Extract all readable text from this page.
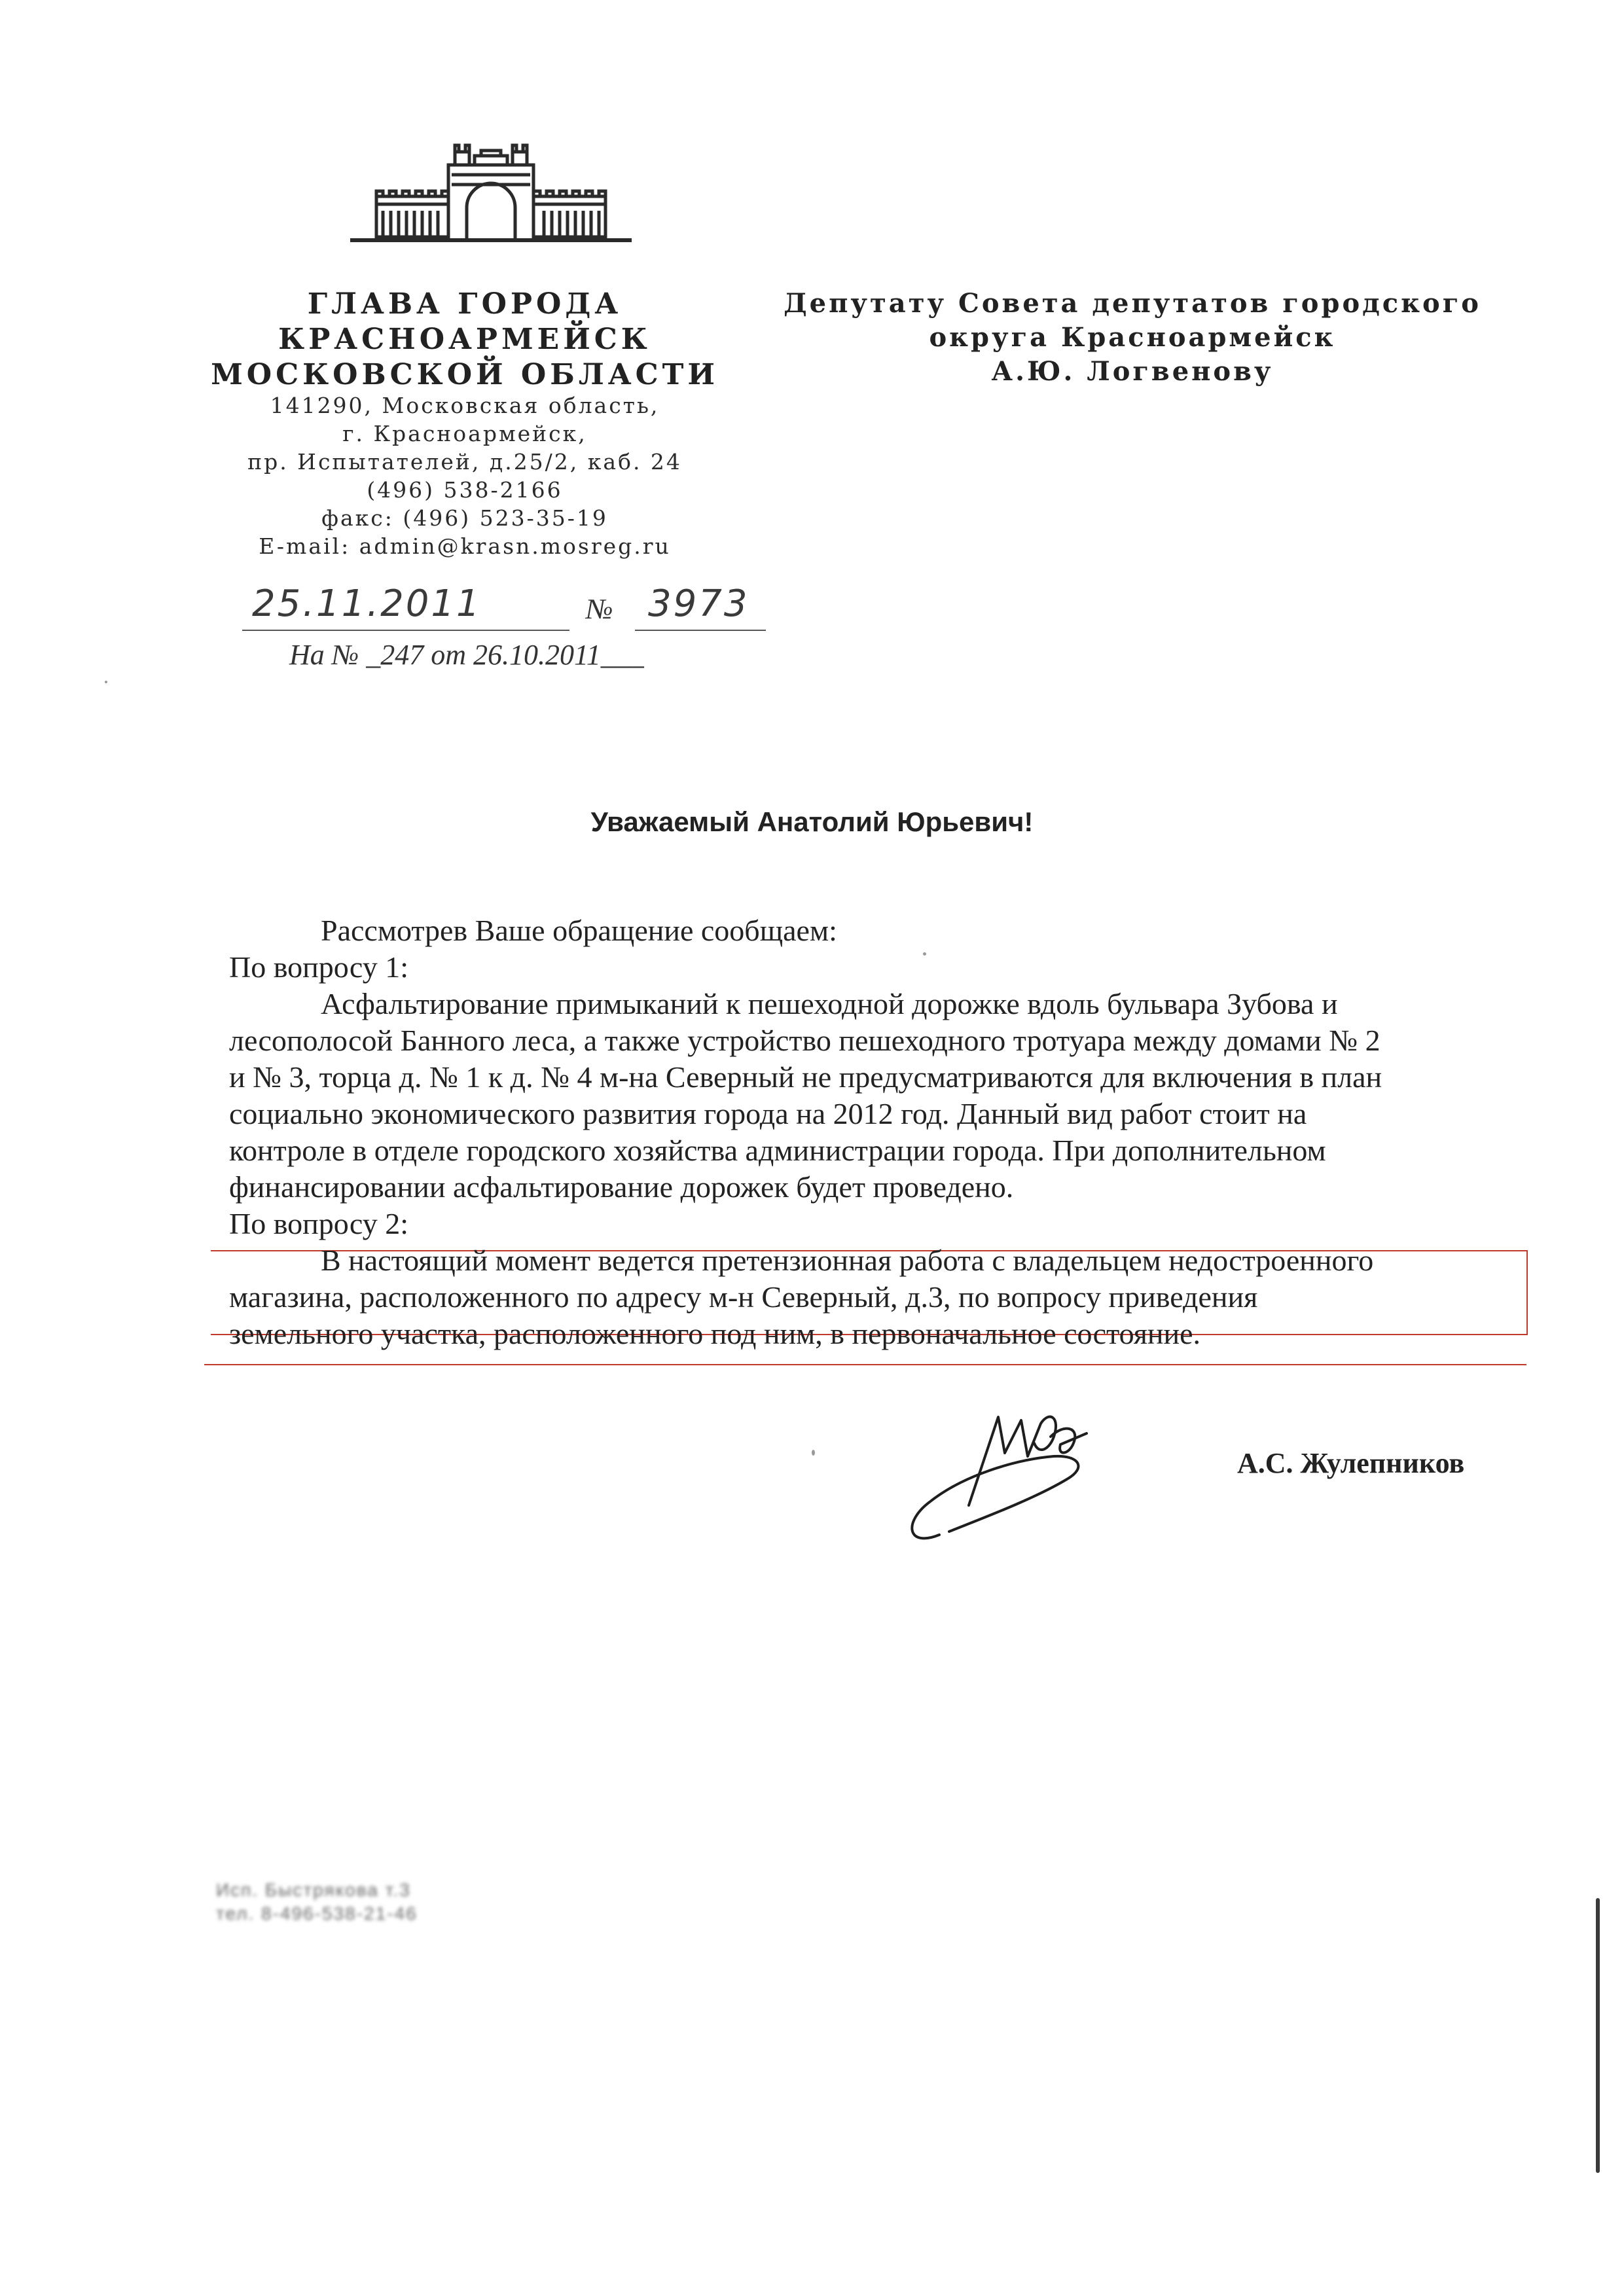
ГЛАВА ГОРОДА
КРАСНОАРМЕЙСК
МОСКОВСКОЙ ОБЛАСТИ
141290, Московская область,
г. Красноармейск,
пр. Испытателей, д.25/2, каб. 24
(496) 538-2166
факс: (496) 523-35-19
E-mail: admin@krasn.mosreg.ru
Депутату Совета депутатов городского
округа Красноармейск
А.Ю. Логвенову
25.11.2011	№ 3973
На № _247 от 26.10.2011___
Уважаемый Анатолий Юрьевич!
Рассмотрев Ваше обращение сообщаем:
По вопросу 1:
Асфальтирование примыканий к пешеходной дорожке вдоль бульвара Зубова и
лесополосой Банного леса, а также устройство пешеходного тротуара между домами № 2
и № 3, торца д. № 1 к д. № 4 м-на Северный не предусматриваются для включения в план
социально экономического развития города на 2012 год. Данный вид работ стоит на
контроле в отделе городского хозяйства администрации города. При дополнительном
финансировании асфальтирование дорожек будет проведено.
По вопросу 2:
В настоящий момент ведется претензионная работа с владельцем недостроенного
магазина, расположенного по адресу м-н Северный, д.3, по вопросу приведения
земельного участка, расположенного под ним, в первоначальное состояние.
А.С. Жулепников
Исп. Быстрякова т.3
тел. 8-496-538-21-46
